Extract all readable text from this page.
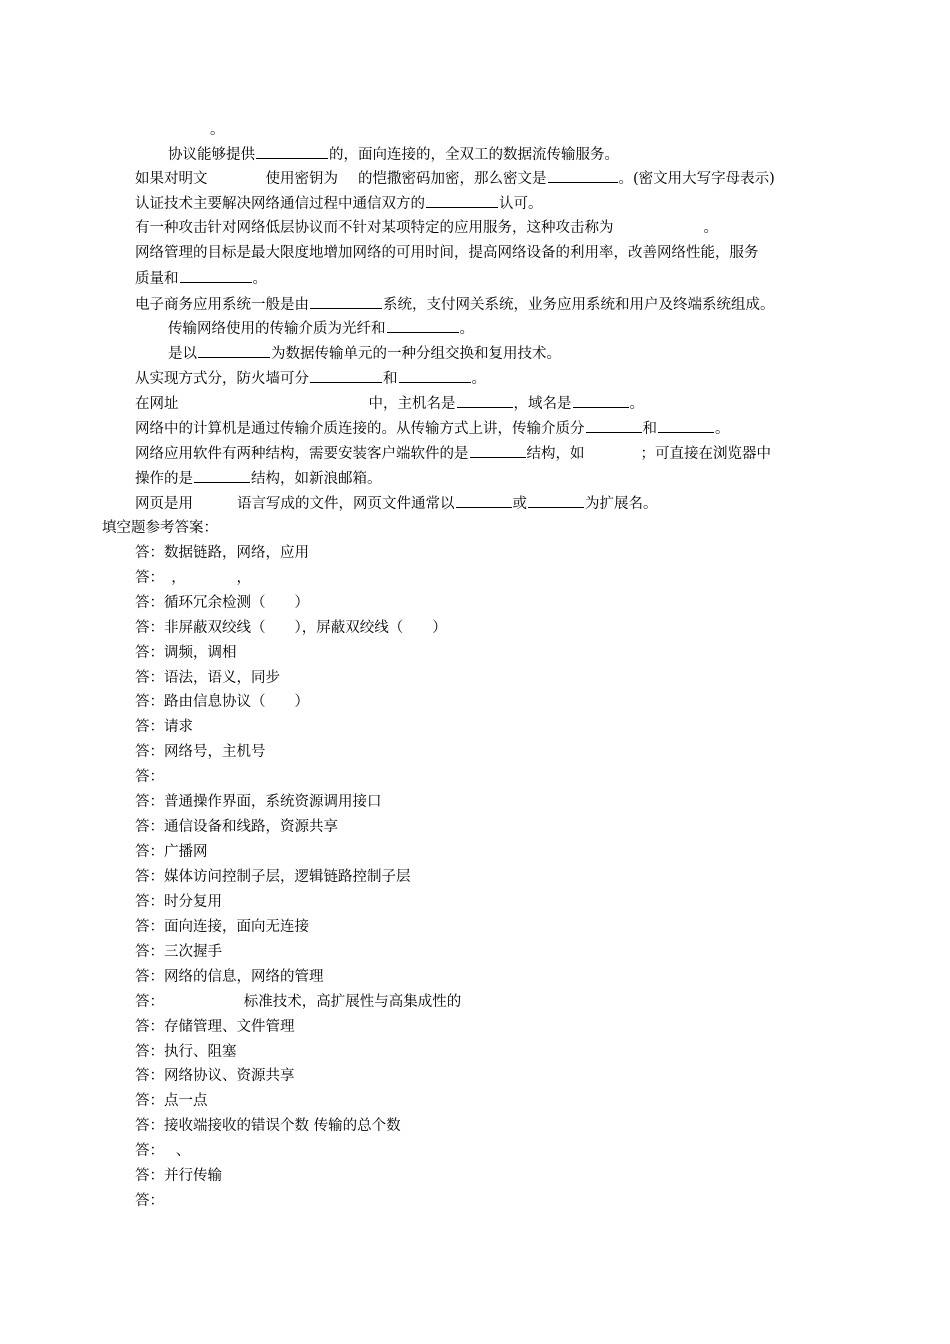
。
协议能够提供	的，面向连接的，全双工的数据流传输服务。
如果对明文	使用密钥为 的恺撒密码加密，那么密文是	。(密文用大写字母表示)
认证技术主要解决网络通信过程中通信双方的	认可。
有一种攻击针对网络低层协议而不针对某项特定的应用服务，这种攻击称为	。
网络管理的目标是最大限度地增加网络的可用时间，提高网络设备的利用率，改善网络性能，服务
质量和	。
电子商务应用系统一般是由	系统，支付网关系统，业务应用系统和用户及终端系统组成。
传输网络使用的传输介质为光纤和	。
是以	为数据传输单元的一种分组交换和复用技术。
从实现方式分，防火墙可分	和	。
在网址	中，主机名是	，域名是	。
网络中的计算机是通过传输介质连接的。从传输方式上讲，传输介质分	和	。
网络应用软件有两种结构，需要安装客户端软件的是	结构，如	；可直接在浏览器中
操作的是	结构，如新浪邮箱。
网页是用	语言写成的文件，网页文件通常以	或	为扩展名。
填空题参考答案：
答：数据链路，网络，应用
答：　，　　　　，
答：循环冗余检测（　　）
答：非屏蔽双绞线（　　），屏蔽双绞线（　　）
答：调频，调相
答：语法，语义，同步
答：路由信息协议（　　）
答：请求
答：网络号，主机号
答：
答：普通操作界面，系统资源调用接口
答：通信设备和线路，资源共享
答：广播网
答：媒体访问控制子层，逻辑链路控制子层
答：时分复用
答：面向连接，面向无连接
答：三次握手
答：网络的信息，网络的管理
答：　　　　　　标准技术，高扩展性与高集成性的
答：存储管理、文件管理
答：执行、阻塞
答：网络协议、资源共享
答：点一点
答：接收端接收的错误个数 传输的总个数
答：　 、
答：并行传输
答：
